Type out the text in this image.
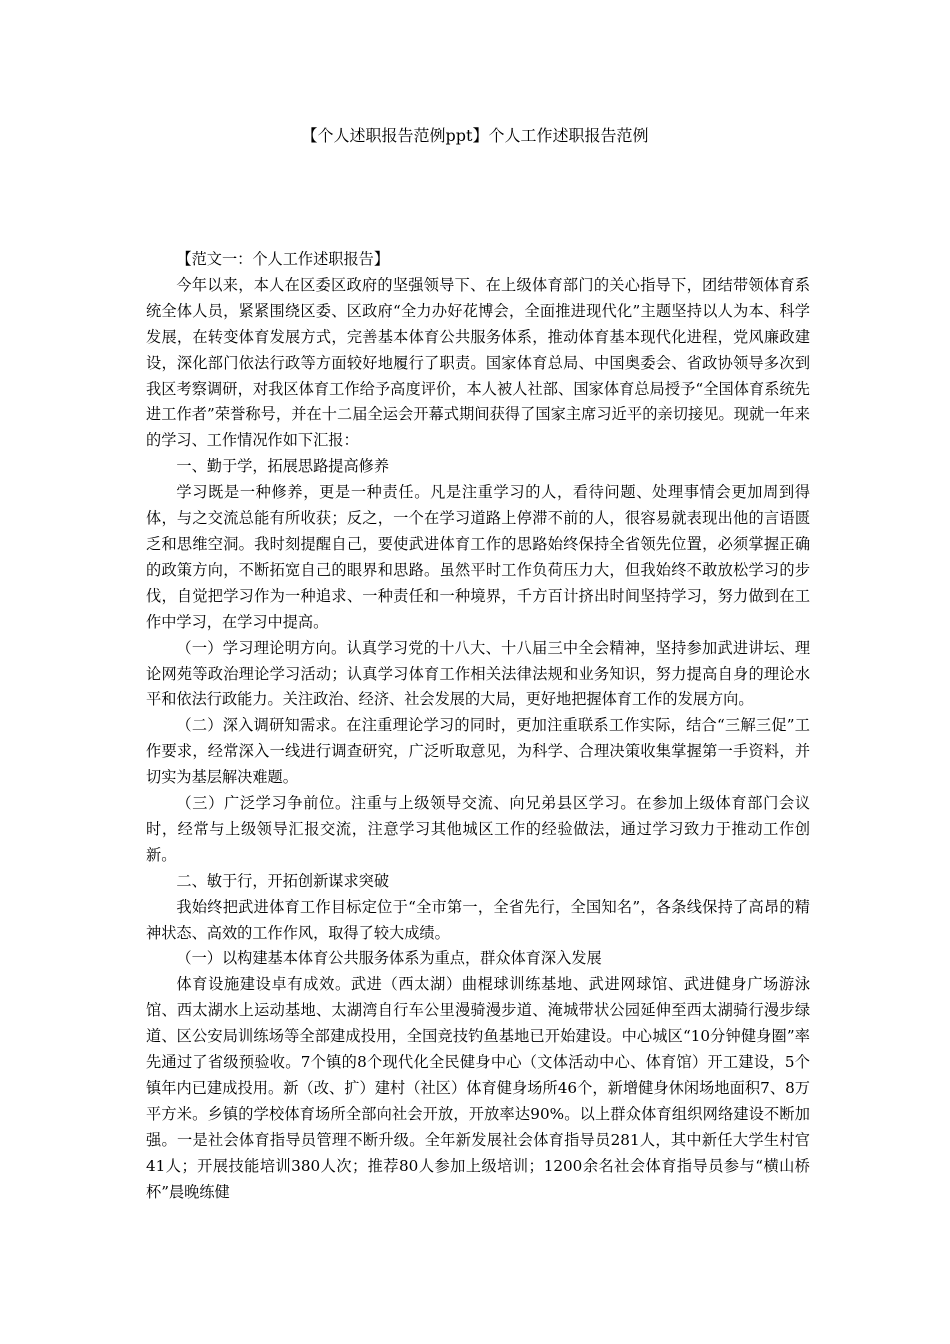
【个人述职报告范例ppt】个人工作述职报告范例

【范文一：个人工作述职报告】

今年以来，本人在区委区政府的坚强领导下、在上级体育部门的关心指导下，团结带领体育系统全体人员，紧紧围绕区委、区政府“全力办好花博会，全面推进现代化”主题坚持以人为本、科学发展，在转变体育发展方式，完善基本体育公共服务体系，推动体育基本现代化进程，党风廉政建设，深化部门依法行政等方面较好地履行了职责。国家体育总局、中国奥委会、省政协领导多次到我区考察调研，对我区体育工作给予高度评价，本人被人社部、国家体育总局授予“全国体育系统先进工作者”荣誉称号，并在十二届全运会开幕式期间获得了国家主席习近平的亲切接见。现就一年来的学习、工作情况作如下汇报：

一、勤于学，拓展思路提高修养

学习既是一种修养，更是一种责任。凡是注重学习的人，看待问题、处理事情会更加周到得体，与之交流总能有所收获；反之，一个在学习道路上停滞不前的人，很容易就表现出他的言语匮乏和思维空洞。我时刻提醒自己，要使武进体育工作的思路始终保持全省领先位置，必须掌握正确的政策方向，不断拓宽自己的眼界和思路。虽然平时工作负荷压力大，但我始终不敢放松学习的步伐，自觉把学习作为一种追求、一种责任和一种境界，千方百计挤出时间坚持学习，努力做到在工作中学习，在学习中提高。

（一）学习理论明方向。认真学习党的十八大、十八届三中全会精神，坚持参加武进讲坛、理论网苑等政治理论学习活动；认真学习体育工作相关法律法规和业务知识，努力提高自身的理论水平和依法行政能力。关注政治、经济、社会发展的大局，更好地把握体育工作的发展方向。

（二）深入调研知需求。在注重理论学习的同时，更加注重联系工作实际，结合“三解三促”工作要求，经常深入一线进行调查研究，广泛听取意见，为科学、合理决策收集掌握第一手资料，并切实为基层解决难题。

（三）广泛学习争前位。注重与上级领导交流、向兄弟县区学习。在参加上级体育部门会议时，经常与上级领导汇报交流，注意学习其他城区工作的经验做法，通过学习致力于推动工作创新。

二、敏于行，开拓创新谋求突破

我始终把武进体育工作目标定位于“全市第一，全省先行，全国知名”，各条线保持了高昂的精神状态、高效的工作作风，取得了较大成绩。

（一）以构建基本体育公共服务体系为重点，群众体育深入发展

体育设施建设卓有成效。武进（西太湖）曲棍球训练基地、武进网球馆、武进健身广场游泳馆、西太湖水上运动基地、太湖湾自行车公里漫骑漫步道、淹城带状公园延伸至西太湖骑行漫步绿道、区公安局训练场等全部建成投用，全国竞技钓鱼基地已开始建设。中心城区“10分钟健身圈”率先通过了省级预验收。7个镇的8个现代化全民健身中心（文体活动中心、体育馆）开工建设，5个镇年内已建成投用。新（改、扩）建村（社区）体育健身场所46个，新增健身休闲场地面积7、8万平方米。乡镇的学校体育场所全部向社会开放，开放率达90%。以上群众体育组织网络建设不断加强。一是社会体育指导员管理不断升级。全年新发展社会体育指导员281人，其中新任大学生村官41人；开展技能培训380人次；推荐80人参加上级培训；1200余名社会体育指导员参与“横山桥杯”晨晚练健
